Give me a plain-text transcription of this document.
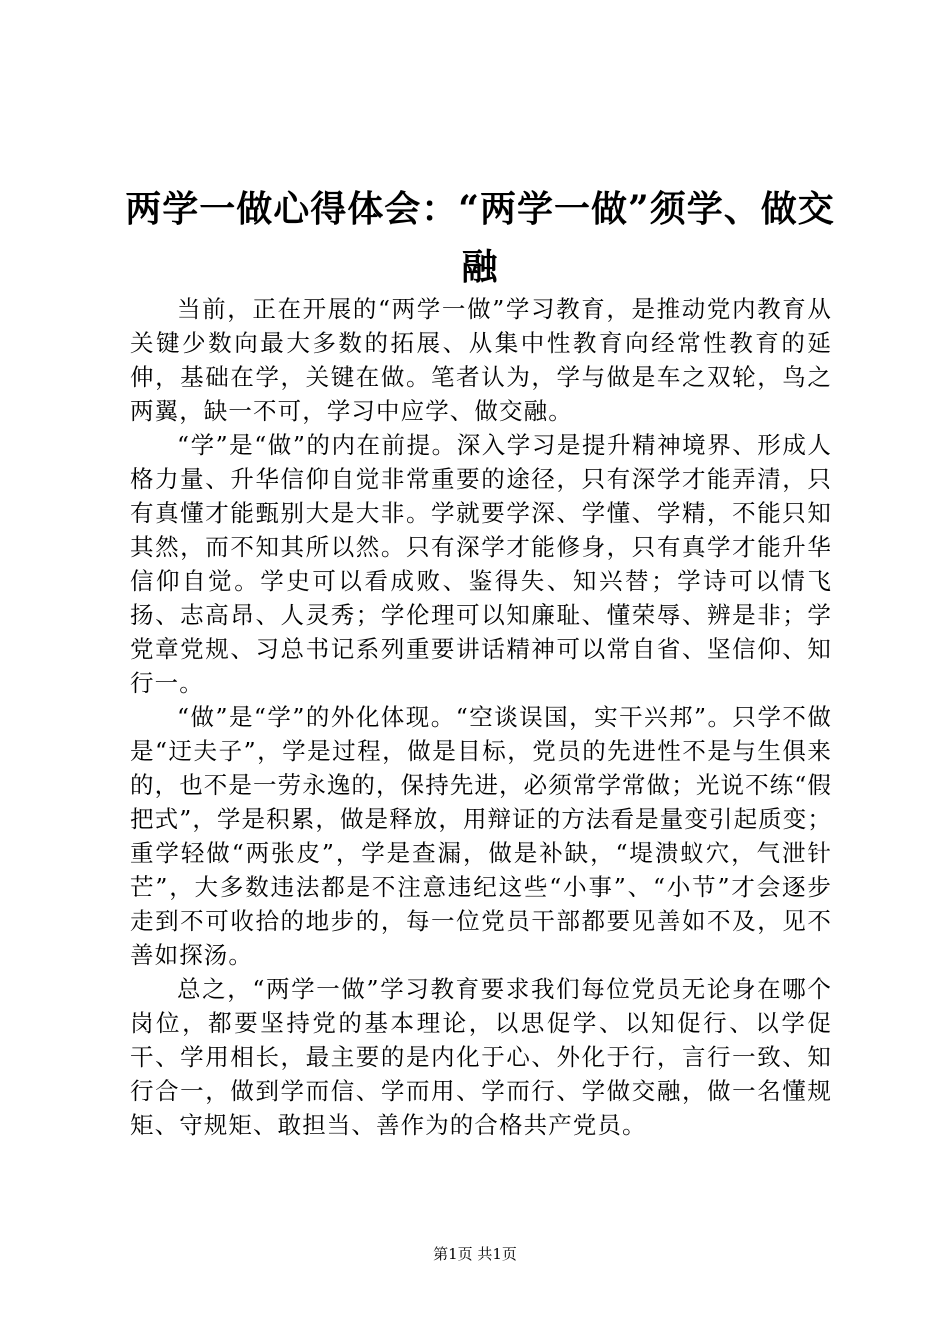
两学一做心得体会：“两学一做”须学、做交融

当前，正在开展的“两学一做”学习教育，是推动党内教育从关键少数向最大多数的拓展、从集中性教育向经常性教育的延伸，基础在学，关键在做。笔者认为，学与做是车之双轮，鸟之两翼，缺一不可，学习中应学、做交融。

“学”是“做”的内在前提。深入学习是提升精神境界、形成人格力量、升华信仰自觉非常重要的途径，只有深学才能弄清，只有真懂才能甄别大是大非。学就要学深、学懂、学精，不能只知其然，而不知其所以然。只有深学才能修身，只有真学才能升华信仰自觉。学史可以看成败、鉴得失、知兴替；学诗可以情飞扬、志高昂、人灵秀；学伦理可以知廉耻、懂荣辱、辨是非；学党章党规、习总书记系列重要讲话精神可以常自省、坚信仰、知行一。

“做”是“学”的外化体现。“空谈误国，实干兴邦”。只学不做是“迂夫子”，学是过程，做是目标，党员的先进性不是与生俱来的，也不是一劳永逸的，保持先进，必须常学常做；光说不练“假把式”，学是积累，做是释放，用辩证的方法看是量变引起质变；重学轻做“两张皮”，学是查漏，做是补缺，“堤溃蚁穴，气泄针芒”，大多数违法都是不注意违纪这些“小事”、“小节”才会逐步走到不可收拾的地步的，每一位党员干部都要见善如不及，见不善如探汤。

总之，“两学一做”学习教育要求我们每位党员无论身在哪个岗位，都要坚持党的基本理论，以思促学、以知促行、以学促干、学用相长，最主要的是内化于心、外化于行，言行一致、知行合一，做到学而信、学而用、学而行、学做交融，做一名懂规矩、守规矩、敢担当、善作为的合格共产党员。

第1页 共1页
